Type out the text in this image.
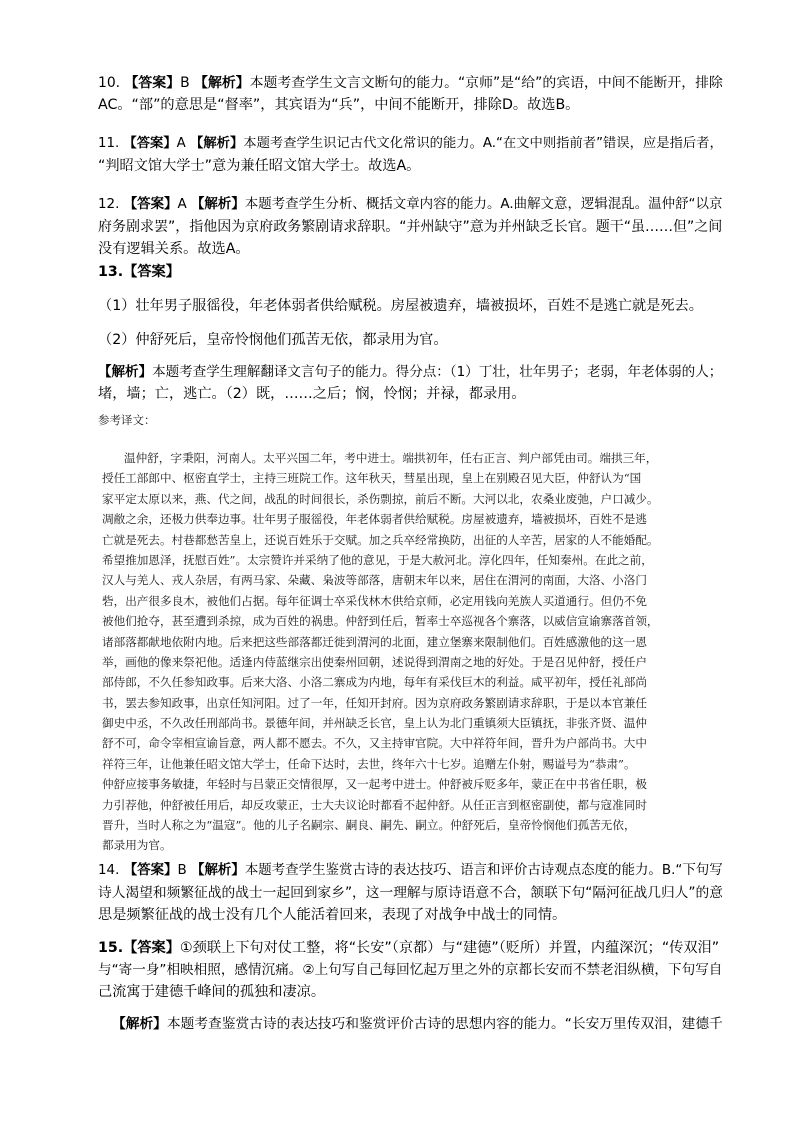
10. 【答案】B 【解析】本题考查学生文言文断句的能力。“京师”是“给”的宾语，中间不能断开，排除
AC。“部”的意思是“督率”，其宾语为“兵”，中间不能断开，排除D。故选B。
11. 【答案】A 【解析】本题考查学生识记古代文化常识的能力。A.“在文中则指前者”错误，应是指后者，
“判昭文馆大学士”意为兼任昭文馆大学士。故选A。
12. 【答案】A 【解析】本题考查学生分析、概括文章内容的能力。A.曲解文意，逻辑混乱。温仲舒“以京
府务剧求罢”，指他因为京府政务繁剧请求辞职。“并州缺守”意为并州缺乏长官。题干“虽……但”之间
没有逻辑关系。故选A。
13.【答案】
（1）壮年男子服徭役，年老体弱者供给赋税。房屋被遗弃，墙被损坏，百姓不是逃亡就是死去。
（2）仲舒死后，皇帝怜悯他们孤苦无依，都录用为官。
【解析】本题考查学生理解翻译文言句子的能力。得分点：（1）丁壮，壮年男子；老弱，年老体弱的人；
堵，墙；亡，逃亡。（2）既，……之后；悯，怜悯；并禄，都录用。
参考译文：
温仲舒，字秉阳，河南人。太平兴国二年，考中进士。端拱初年，任右正言、判户部凭由司。端拱三年，
授任工部郎中、枢密直学士，主持三班院工作。这年秋天，彗星出现，皇上在别殿召见大臣，仲舒认为“国
家平定太原以来，燕、代之间，战乱的时间很长，杀伤剽掠，前后不断。大河以北，农桑业废弛，户口减少。
凋敝之余，还极力供奉边事。壮年男子服徭役，年老体弱者供给赋税。房屋被遗弃，墙被损坏，百姓不是逃
亡就是死去。村巷都愁苦皇上，还说百姓乐于交赋。加之兵卒经常换防，出征的人辛苦，居家的人不能婚配。
希望推加恩泽，抚慰百姓”。太宗赞许并采纳了他的意见，于是大赦河北。淳化四年，任知秦州。在此之前，
汉人与羌人、戎人杂居，有两马家、朵藏、枭波等部落，唐朝末年以来，居住在渭河的南面，大洛、小洛门
砦，出产很多良木，被他们占据。每年征调士卒采伐林木供给京师，必定用钱向羌族人买道通行。但仍不免
被他们抢夺，甚至遭到杀掠，成为百姓的祸患。仲舒到任后，暂率士卒巡视各个寨落，以威信宣谕寨落首领，
诸部落都献地依附内地。后来把这些部落都迁徙到渭河的北面，建立堡寨来限制他们。百姓感激他的这一恩
举，画他的像来祭祀他。适逢内侍蓝继宗出使秦州回朝，述说得到渭南之地的好处。于是召见仲舒，授任户
部侍郎，不久任参知政事。后来大洛、小洛二寨成为内地，每年有采伐巨木的利益。咸平初年，授任礼部尚
书，罢去参知政事，出京任知河阳。过了一年，任知开封府。因为京府政务繁剧请求辞职，于是以本官兼任
御史中丞，不久改任刑部尚书。景德年间，并州缺乏长官，皇上认为北门重镇须大臣镇抚，非张齐贤、温仲
舒不可，命令宰相宣谕旨意，两人都不愿去。不久，又主持审官院。大中祥符年间，晋升为户部尚书。大中
祥符三年，让他兼任昭文馆大学士，任命下达时，去世，终年六十七岁。追赠左仆射，赐谥号为“恭肃”。
仲舒应接事务敏捷，年轻时与吕蒙正交情很厚，又一起考中进士。仲舒被斥贬多年，蒙正在中书省任职，极
力引荐他，仲舒被任用后，却反攻蒙正，士大夫议论时都看不起仲舒。从任正言到枢密副使，都与寇准同时
晋升，当时人称之为“温寇”。他的儿子名嗣宗、嗣良、嗣先、嗣立。仲舒死后，皇帝怜悯他们孤苦无依，
都录用为官。
14. 【答案】B 【解析】本题考查学生鉴赏古诗的表达技巧、语言和评价古诗观点态度的能力。B.“下句写
诗人渴望和频繁征战的战士一起回到家乡”，这一理解与原诗语意不合，颔联下句“隔河征战几归人”的意
思是频繁征战的战士没有几个人能活着回来，表现了对战争中战士的同情。
15.【答案】①颈联上下句对仗工整，将“长安”（京都）与“建德”（贬所）并置，内蕴深沉；“传双泪”
与“寄一身”相映相照，感情沉痛。②上句写自己每回忆起万里之外的京都长安而不禁老泪纵横，下句写自
己流寓于建德千峰间的孤独和凄凉。
【解析】本题考查鉴赏古诗的表达技巧和鉴赏评价古诗的思想内容的能力。“长安万里传双泪，建德千
